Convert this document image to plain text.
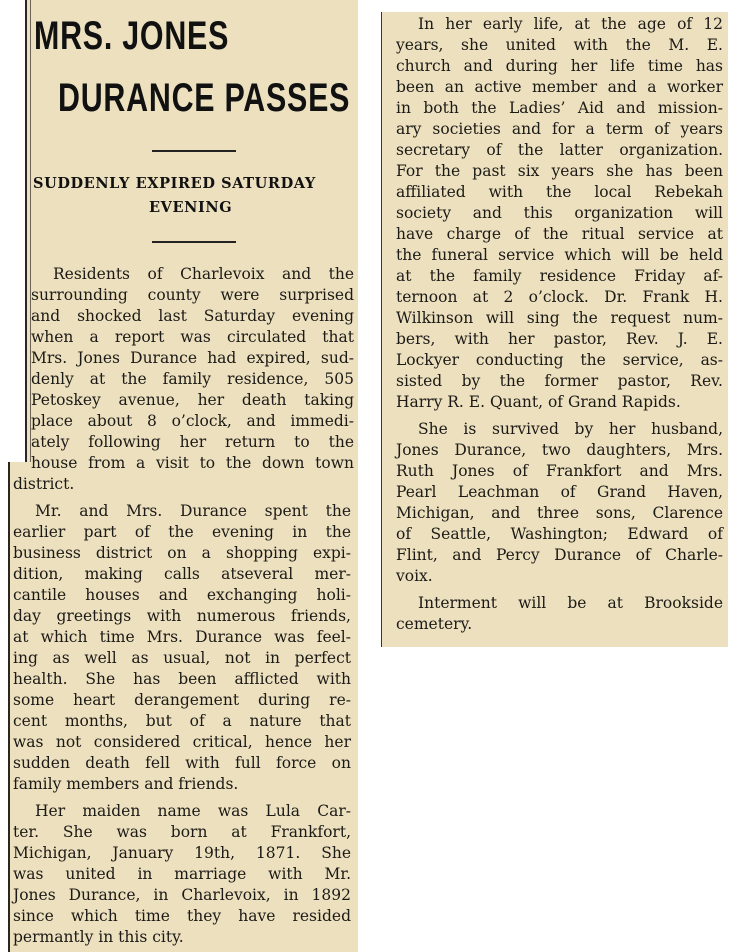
MRS. JONES
DURANCE PASSES
SUDDENLY EXPIRED SATURDAY
EVENING
Residents of Charlevoix and the
surrounding county were surprised
and shocked last Saturday evening
when a report was circulated that
Mrs. Jones Durance had expired, sud-
denly at the family residence, 505
Petoskey avenue, her death taking
place about 8 o’clock, and immedi-
ately following her return to the
house from a visit to the down town
district.
Mr. and Mrs. Durance spent the
earlier part of the evening in the
business district on a shopping expi-
dition, making calls atseveral mer-
cantile houses and exchanging holi-
day greetings with numerous friends,
at which time Mrs. Durance was feel-
ing as well as usual, not in perfect
health. She has been afflicted with
some heart derangement during re-
cent months, but of a nature that
was not considered critical, hence her
sudden death fell with full force on
family members and friends.
Her maiden name was Lula Car-
ter. She was born at Frankfort,
Michigan, January 19th, 1871. She
was united in marriage with Mr.
Jones Durance, in Charlevoix, in 1892
since which time they have resided
permantly in this city.
In her early life, at the age of 12
years, she united with the M. E.
church and during her life time has
been an active member and a worker
in both the Ladies’ Aid and mission-
ary societies and for a term of years
secretary of the latter organization.
For the past six years she has been
affiliated with the local Rebekah
society and this organization will
have charge of the ritual service at
the funeral service which will be held
at the family residence Friday af-
ternoon at 2 o’clock. Dr. Frank H.
Wilkinson will sing the request num-
bers, with her pastor, Rev. J. E.
Lockyer conducting the service, as-
sisted by the former pastor, Rev.
Harry R. E. Quant, of Grand Rapids.
She is survived by her husband,
Jones Durance, two daughters, Mrs.
Ruth Jones of Frankfort and Mrs.
Pearl Leachman of Grand Haven,
Michigan, and three sons, Clarence
of Seattle, Washington; Edward of
Flint, and Percy Durance of Charle-
voix.
Interment will be at Brookside
cemetery.
